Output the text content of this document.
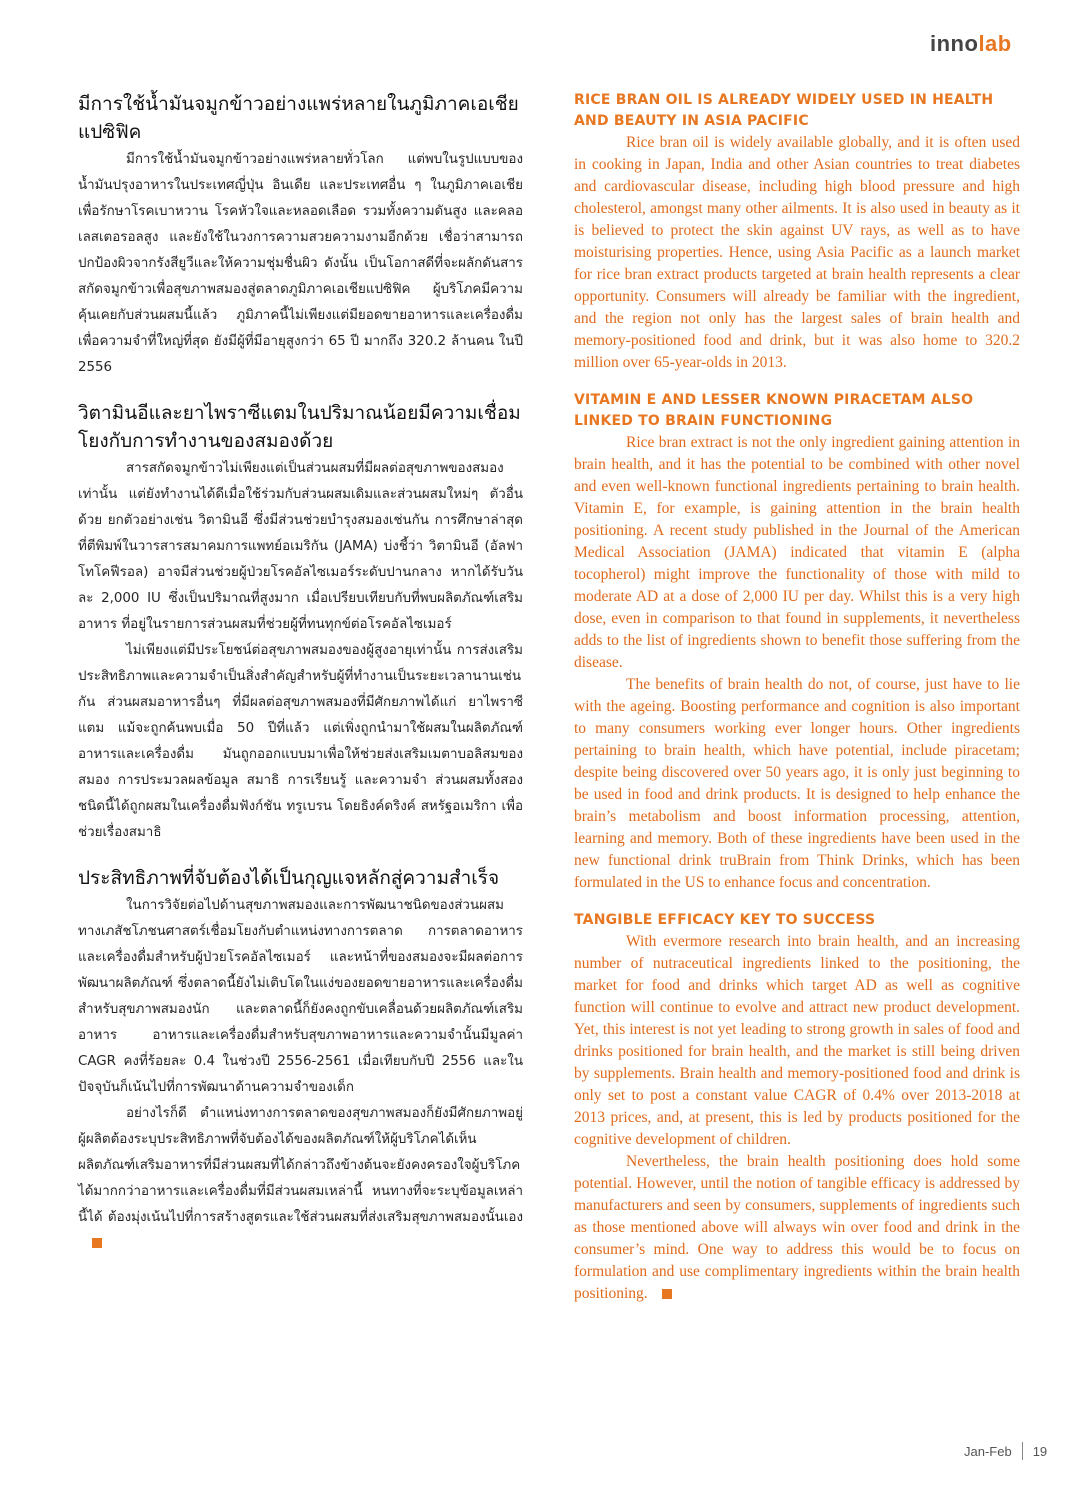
innolab
มีการใช้น้ำมันจมูกข้าวอย่างแพร่หลายในภูมิภาคเอเชียแปซิฟิค

มีการใช้น้ำมันจมูกข้าวอย่างแพร่หลายทั่วโลก แต่พบในรูปแบบของน้ำมันปรุงอาหารในประเทศญี่ปุ่น อินเดีย และประเทศอื่น ๆ ในภูมิภาคเอเชีย เพื่อรักษาโรคเบาหวาน โรคหัวใจและหลอดเลือด รวมทั้งความดันสูง และคลอเลสเตอรอลสูง และยังใช้ในวงการความสวยความงามอีกด้วย เชื่อว่าสามารถปกป้องผิวจากรังสียูวีและให้ความชุ่มชื่นผิว ดังนั้น เป็นโอกาสดีที่จะผลักดันสารสกัดจมูกข้าวเพื่อสุขภาพสมองสู่ตลาดภูมิภาคเอเชียแปซิฟิค ผู้บริโภคมีความคุ้นเคยกับส่วนผสมนี้แล้ว ภูมิภาคนี้ไม่เพียงแต่มียอดขายอาหารและเครื่องดื่มเพื่อความจำที่ใหญ่ที่สุด ยังมีผู้ที่มีอายุสูงกว่า 65 ปี มากถึง 320.2 ล้านคน ในปี 2556

วิตามินอีและยาไพราซีแตมในปริมาณน้อยมีความเชื่อมโยงกับการทำงานของสมองด้วย

สารสกัดจมูกข้าวไม่เพียงแต่เป็นส่วนผสมที่มีผลต่อสุขภาพของสมองเท่านั้น แต่ยังทำงานได้ดีเมื่อใช้ร่วมกับส่วนผสมเดิมและส่วนผสมใหม่ๆ ตัวอื่นด้วย ยกตัวอย่างเช่น วิตามินอี ซึ่งมีส่วนช่วยบำรุงสมองเช่นกัน การศึกษาล่าสุดที่ตีพิมพ์ในวารสารสมาคมการแพทย์อเมริกัน (JAMA) บ่งชี้ว่า วิตามินอี (อัลฟาโทโคฟีรอล) อาจมีส่วนช่วยผู้ป่วยโรคอัลไซเมอร์ระดับปานกลาง หากได้รับวันละ 2,000 IU ซึ่งเป็นปริมาณที่สูงมาก เมื่อเปรียบเทียบกับที่พบผลิตภัณฑ์เสริมอาหาร ที่อยู่ในรายการส่วนผสมที่ช่วยผู้ที่ทนทุกข์ต่อโรคอัลไซเมอร์

ไม่เพียงแต่มีประโยชน์ต่อสุขภาพสมองของผู้สูงอายุเท่านั้น การส่งเสริมประสิทธิภาพและความจำเป็นสิ่งสำคัญสำหรับผู้ที่ทำงานเป็นระยะเวลานานเช่นกัน ส่วนผสมอาหารอื่นๆ ที่มีผลต่อสุขภาพสมองที่มีศักยภาพได้แก่ ยาไพราซีแตม แม้จะถูกค้นพบเมื่อ 50 ปีที่แล้ว แต่เพิ่งถูกนำมาใช้ผสมในผลิตภัณฑ์อาหารและเครื่องดื่ม มันถูกออกแบบมาเพื่อให้ช่วยส่งเสริมเมตาบอลิสมของสมอง การประมวลผลข้อมูล สมาธิ การเรียนรู้ และความจำ ส่วนผสมทั้งสองชนิดนี้ได้ถูกผสมในเครื่องดื่มฟังก์ชัน ทรูเบรน โดยธิงค์ดริงค์ สหรัฐอเมริกา เพื่อช่วยเรื่องสมาธิ

ประสิทธิภาพที่จับต้องได้เป็นกุญแจหลักสู่ความสำเร็จ

ในการวิจัยต่อไปด้านสุขภาพสมองและการพัฒนาชนิดของส่วนผสมทางเภสัชโภชนศาสตร์เชื่อมโยงกับตำแหน่งทางการตลาด การตลาดอาหารและเครื่องดื่มสำหรับผู้ป่วยโรคอัลไซเมอร์ และหน้าที่ของสมองจะมีผลต่อการพัฒนาผลิตภัณฑ์ ซึ่งตลาดนี้ยังไม่เติบโตในแง่ของยอดขายอาหารและเครื่องดื่มสำหรับสุขภาพสมองนัก และตลาดนี้ก็ยังคงถูกขับเคลื่อนด้วยผลิตภัณฑ์เสริมอาหาร อาหารและเครื่องดื่มสำหรับสุขภาพอาหารและความจำนั้นมีมูลค่า CAGR คงที่ร้อยละ 0.4 ในช่วงปี 2556-2561 เมื่อเทียบกับปี 2556 และในปัจจุบันก็เน้นไปที่การพัฒนาด้านความจำของเด็ก

อย่างไรก็ดี ตำแหน่งทางการตลาดของสุขภาพสมองก็ยังมีศักยภาพอยู่ ผู้ผลิตต้องระบุประสิทธิภาพที่จับต้องได้ของผลิตภัณฑ์ให้ผู้บริโภคได้เห็น ผลิตภัณฑ์เสริมอาหารที่มีส่วนผสมที่ได้กล่าวถึงข้างต้นจะยังคงครองใจผู้บริโภคได้มากกว่าอาหารและเครื่องดื่มที่มีส่วนผสมเหล่านี้ หนทางที่จะระบุข้อมูลเหล่านี้ได้ ต้องมุ่งเน้นไปที่การสร้างสูตรและใช้ส่วนผสมที่ส่งเสริมสุขภาพสมองนั้นเอง

RICE BRAN OIL IS ALREADY WIDELY USED IN HEALTH AND BEAUTY IN ASIA PACIFIC

Rice bran oil is widely available globally, and it is often used in cooking in Japan, India and other Asian countries to treat diabetes and cardiovascular disease, including high blood pressure and high cholesterol, amongst many other ailments. It is also used in beauty as it is believed to protect the skin against UV rays, as well as to have moisturising properties. Hence, using Asia Pacific as a launch market for rice bran extract products targeted at brain health represents a clear opportunity. Consumers will already be familiar with the ingredient, and the region not only has the largest sales of brain health and memory-positioned food and drink, but it was also home to 320.2 million over 65-year-olds in 2013.

VITAMIN E AND LESSER KNOWN PIRACETAM ALSO LINKED TO BRAIN FUNCTIONING

Rice bran extract is not the only ingredient gaining attention in brain health, and it has the potential to be combined with other novel and even well-known functional ingredients pertaining to brain health. Vitamin E, for example, is gaining attention in the brain health positioning. A recent study published in the Journal of the American Medical Association (JAMA) indicated that vitamin E (alpha tocopherol) might improve the functionality of those with mild to moderate AD at a dose of 2,000 IU per day. Whilst this is a very high dose, even in comparison to that found in supplements, it nevertheless adds to the list of ingredients shown to benefit those suffering from the disease.

The benefits of brain health do not, of course, just have to lie with the ageing. Boosting performance and cognition is also important to many consumers working ever longer hours. Other ingredients pertaining to brain health, which have potential, include piracetam; despite being discovered over 50 years ago, it is only just beginning to be used in food and drink products. It is designed to help enhance the brain’s metabolism and boost information processing, attention, learning and memory. Both of these ingredients have been used in the new functional drink truBrain from Think Drinks, which has been formulated in the US to enhance focus and concentration.

TANGIBLE EFFICACY KEY TO SUCCESS

With evermore research into brain health, and an increasing number of nutraceutical ingredients linked to the positioning, the market for food and drinks which target AD as well as cognitive function will continue to evolve and attract new product development. Yet, this interest is not yet leading to strong growth in sales of food and drinks positioned for brain health, and the market is still being driven by supplements. Brain health and memory-positioned food and drink is only set to post a constant value CAGR of 0.4% over 2013-2018 at 2013 prices, and, at present, this is led by products positioned for the cognitive development of children.

Nevertheless, the brain health positioning does hold some potential. However, until the notion of tangible efficacy is addressed by manufacturers and seen by consumers, supplements of ingredients such as those mentioned above will always win over food and drink in the consumer’s mind. One way to address this would be to focus on formulation and use complimentary ingredients within the brain health positioning.

Jan-Feb 19
